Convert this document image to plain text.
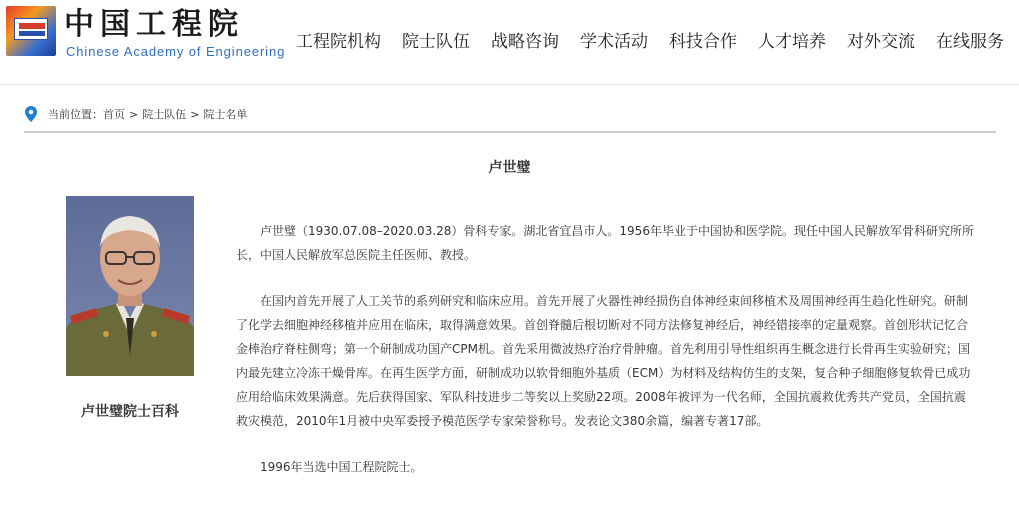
中国工程院
Chinese Academy of Engineering 工程院机构 院士队伍 战略咨询 学术活动 科技合作 人才培养 对外交流 在线服务
当前位置： 首页 > 院士队伍 > 院士名单
卢世璧
卢世璧院士百科

卢世璧（1930.07.08–2020.03.28）骨科专家。湖北省宜昌市人。1956年毕业于中国协和医学院。现任中国人民解放军骨科研究所所长，中国人民解放军总医院主任医师、教授。

在国内首先开展了人工关节的系列研究和临床应用。首先开展了火器性神经损伤自体神经束间移植术及周围神经再生趋化性研究。研制了化学去细胞神经移植并应用在临床，取得满意效果。首创脊髓后根切断对不同方法修复神经后，神经错接率的定量观察。首创形状记忆合金棒治疗脊柱侧弯；第一个研制成功国产CPM机。首先采用微波热疗治疗骨肿瘤。首先利用引导性组织再生概念进行长骨再生实验研究；国内最先建立冷冻干燥骨库。在再生医学方面，研制成功以软骨细胞外基质（ECM）为材料及结构仿生的支架，复合种子细胞修复软骨已成功应用给临床效果满意。先后获得国家、军队科技进步二等奖以上奖励22项。2008年被评为一代名师，全国抗震救优秀共产党员，全国抗震救灾模范，2010年1月被中央军委授予模范医学专家荣誉称号。发表论文380余篇，编著专著17部。

1996年当选中国工程院院士。
